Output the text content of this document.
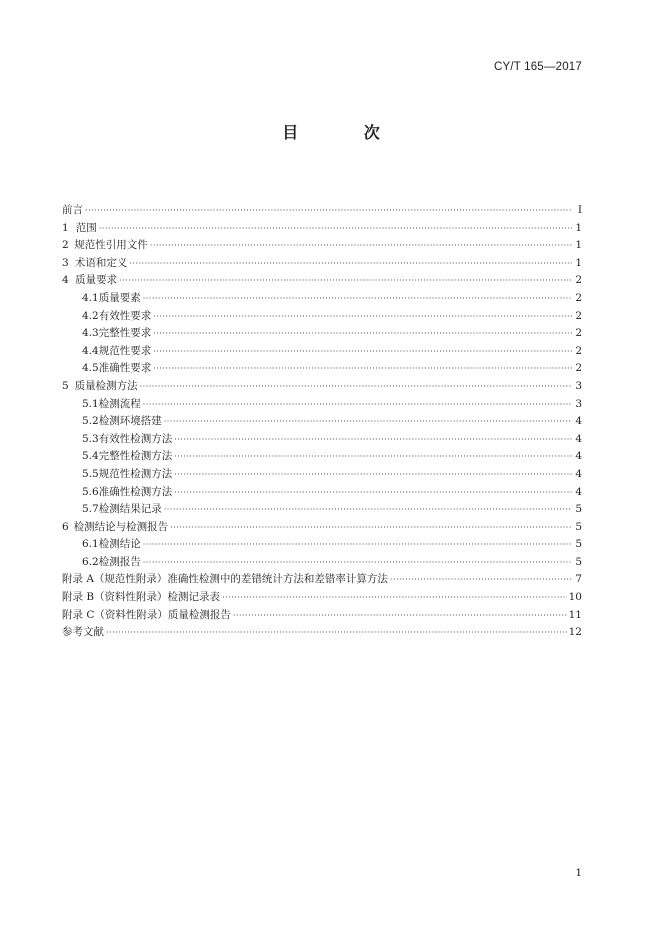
CY/T 165—2017
目 次
前言 ·····	I
1 范围 ·····	1
2 规范性引用文件 ·····	1
3 术语和定义 ·····	1
4 质量要求 ·····	2
4.1 质量要素 ·····	2
4.2 有效性要求 ·····	2
4.3 完整性要求 ·····	2
4.4 规范性要求 ·····	2
4.5 准确性要求 ·····	2
5 质量检测方法 ·····	3
5.1 检测流程 ·····	3
5.2 检测环境搭建 ·····	4
5.3 有效性检测方法 ·····	4
5.4 完整性检测方法 ·····	4
5.5 规范性检测方法 ·····	4
5.6 准确性检测方法 ·····	4
5.7 检测结果记录 ·····	5
6 检测结论与检测报告 ·····	5
6.1 检测结论 ·····	5
6.2 检测报告 ·····	5
附录 A（规范性附录）准确性检测中的差错统计方法和差错率计算方法 ·····	7
附录 B（资料性附录）检测记录表 ·····	10
附录 C（资料性附录）质量检测报告 ·····	11
参考文献 ·····	12
1
